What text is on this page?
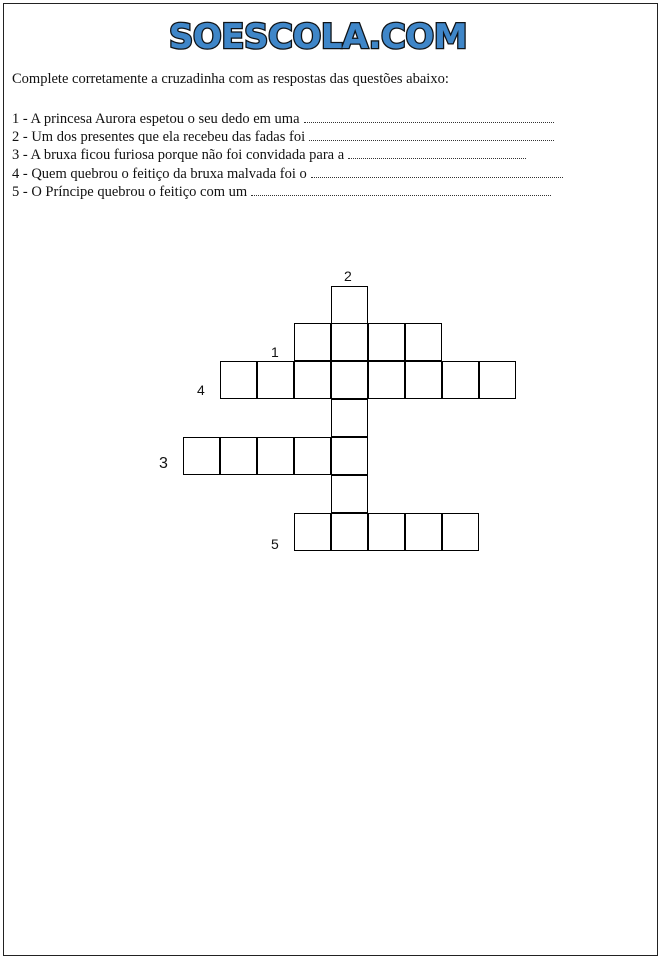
SOESCOLA.COM
Complete corretamente a cruzadinha com as respostas das questões abaixo:
1 - A princesa Aurora espetou o seu dedo em uma
2 - Um dos presentes que ela recebeu das fadas foi
3 - A bruxa ficou furiosa porque não foi convidada para a
4 - Quem quebrou o feitiço da bruxa malvada foi o
5 - O Príncipe quebrou o feitiço com um
2
1
4
3
5
